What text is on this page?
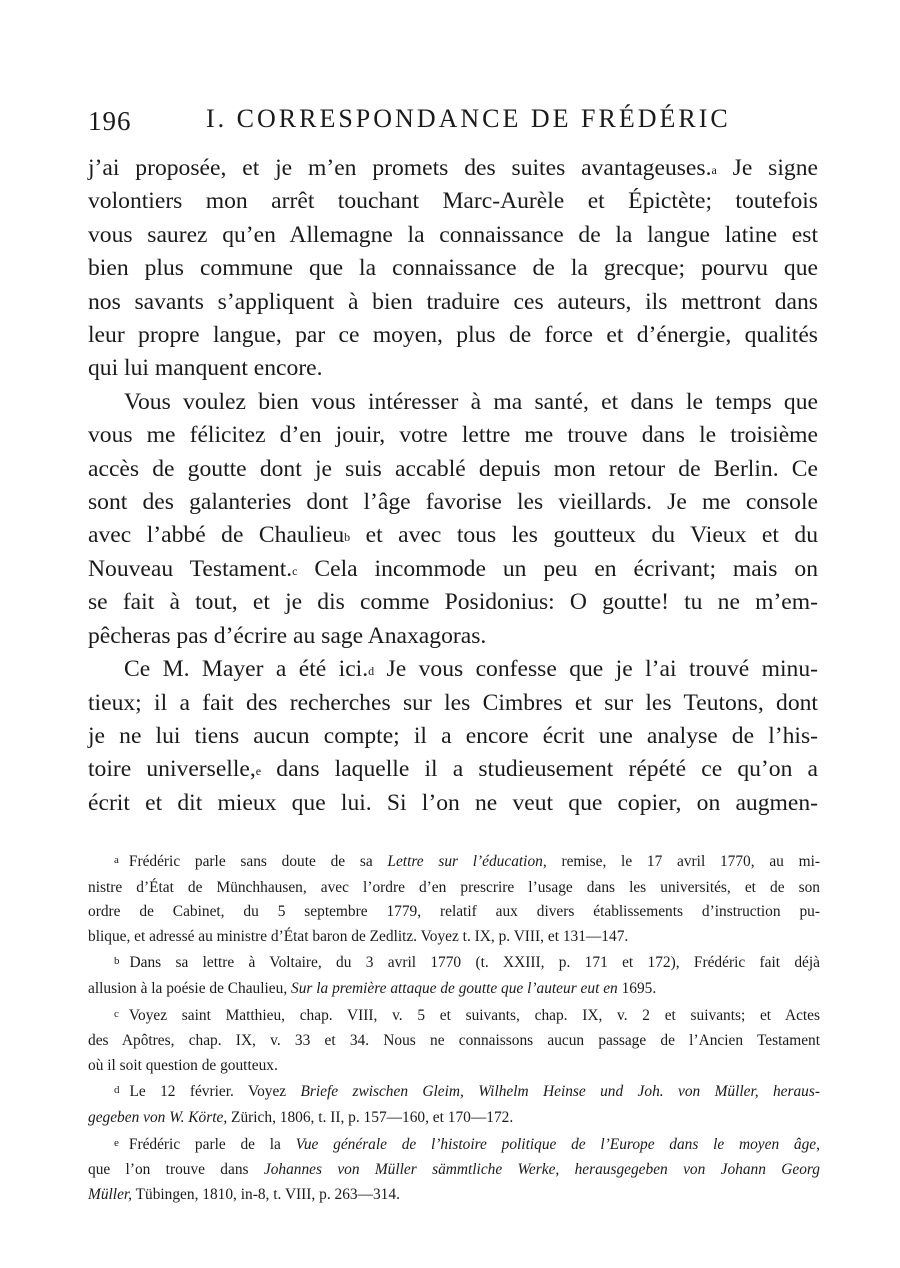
196	I. CORRESPONDANCE DE FRÉDÉRIC

j’ai proposée, et je m’en promets des suites avantageuses.$^a$ Je signe
volontiers mon arrêt touchant Marc-Aurèle et Épictète; toutefois
vous saurez qu’en Allemagne la connaissance de la langue latine est
bien plus commune que la connaissance de la grecque; pourvu que
nos savants s’appliquent à bien traduire ces auteurs, ils mettront dans
leur propre langue, par ce moyen, plus de force et d’énergie, qualités
qui lui manquent encore.

Vous voulez bien vous intéresser à ma santé, et dans le temps que
vous me félicitez d’en jouir, votre lettre me trouve dans le troisième
accès de goutte dont je suis accablé depuis mon retour de Berlin. Ce
sont des galanteries dont l’âge favorise les vieillards. Je me console
avec l’abbé de Chaulieu$^b$ et avec tous les goutteux du Vieux et du
Nouveau Testament.$^c$ Cela incommode un peu en écrivant; mais on
se fait à tout, et je dis comme Posidonius: O goutte! tu ne m’em-
pêcheras pas d’écrire au sage Anaxagoras.

Ce M. Mayer a été ici.$^d$ Je vous confesse que je l’ai trouvé minu-
tieux; il a fait des recherches sur les Cimbres et sur les Teutons, dont
je ne lui tiens aucun compte; il a encore écrit une analyse de l’his-
toire universelle,$^e$ dans laquelle il a studieusement répété ce qu’on a
écrit et dit mieux que lui. Si l’on ne veut que copier, on augmen-

a Frédéric parle sans doute de sa Lettre sur l’éducation, remise, le 17 avril 1770, au mi-
nistre d’État de Münchhausen, avec l’ordre d’en prescrire l’usage dans les universités, et de son
ordre de Cabinet, du 5 septembre 1779, relatif aux divers établissements d’instruction pu-
blique, et adressé au ministre d’État baron de Zedlitz. Voyez t. IX, p. VIII, et 131—147.
b Dans sa lettre à Voltaire, du 3 avril 1770 (t. XXIII, p. 171 et 172), Frédéric fait déjà
allusion à la poésie de Chaulieu, Sur la première attaque de goutte que l’auteur eut en 1695.
c Voyez saint Matthieu, chap. VIII, v. 5 et suivants, chap. IX, v. 2 et suivants; et Actes
des Apôtres, chap. IX, v. 33 et 34. Nous ne connaissons aucun passage de l’Ancien Testament
où il soit question de goutteux.
d Le 12 février. Voyez Briefe zwischen Gleim, Wilhelm Heinse und Joh. von Müller, heraus-
gegeben von W. Körte, Zürich, 1806, t. II, p. 157—160, et 170—172.
e Frédéric parle de la Vue générale de l’histoire politique de l’Europe dans le moyen âge,
que l’on trouve dans Johannes von Müller sämmtliche Werke, herausgegeben von Johann Georg
Müller, Tübingen, 1810, in-8, t. VIII, p. 263—314.
